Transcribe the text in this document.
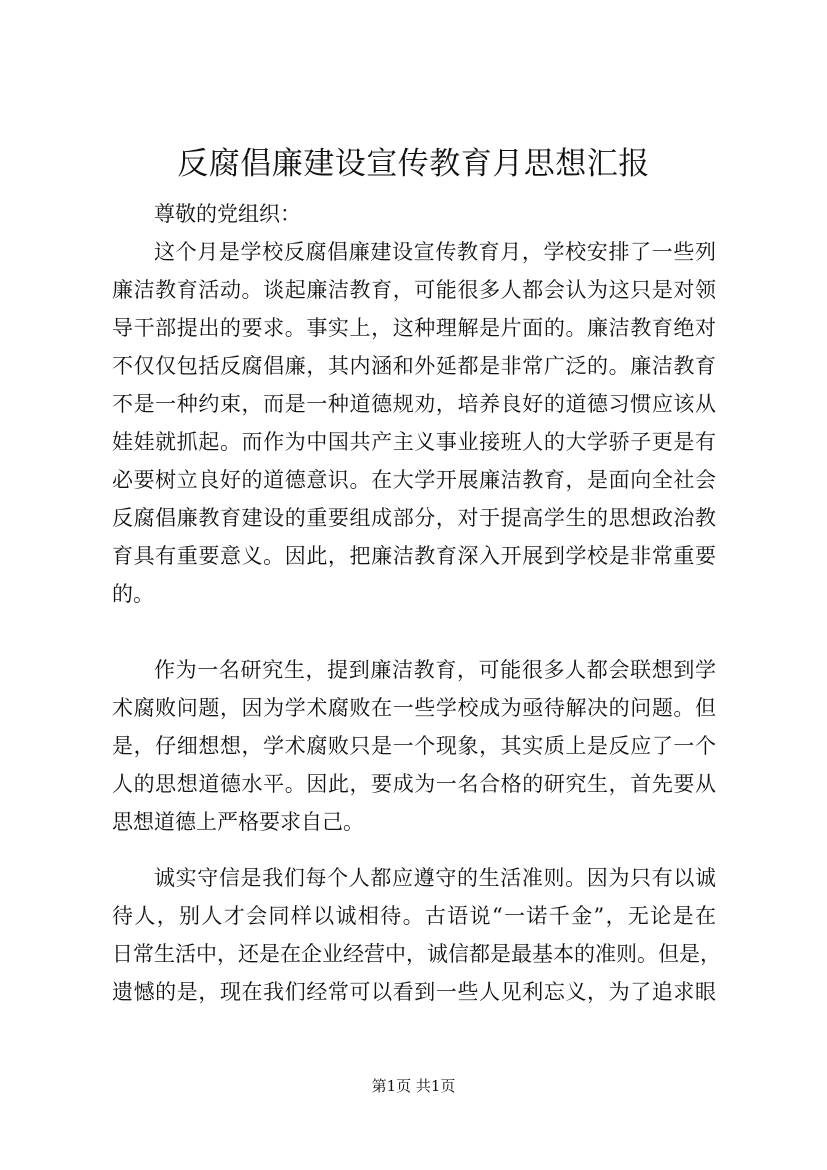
反腐倡廉建设宣传教育月思想汇报
尊敬的党组织：
这个月是学校反腐倡廉建设宣传教育月，学校安排了一些列
廉洁教育活动。谈起廉洁教育，可能很多人都会认为这只是对领
导干部提出的要求。事实上，这种理解是片面的。廉洁教育绝对
不仅仅包括反腐倡廉，其内涵和外延都是非常广泛的。廉洁教育
不是一种约束，而是一种道德规劝，培养良好的道德习惯应该从
娃娃就抓起。而作为中国共产主义事业接班人的大学骄子更是有
必要树立良好的道德意识。在大学开展廉洁教育，是面向全社会
反腐倡廉教育建设的重要组成部分，对于提高学生的思想政治教
育具有重要意义。因此，把廉洁教育深入开展到学校是非常重要
的。
作为一名研究生，提到廉洁教育，可能很多人都会联想到学
术腐败问题，因为学术腐败在一些学校成为亟待解决的问题。但
是，仔细想想，学术腐败只是一个现象，其实质上是反应了一个
人的思想道德水平。因此，要成为一名合格的研究生，首先要从
思想道德上严格要求自己。
诚实守信是我们每个人都应遵守的生活准则。因为只有以诚
待人，别人才会同样以诚相待。古语说“一诺千金”，无论是在
日常生活中，还是在企业经营中，诚信都是最基本的准则。但是，
遗憾的是，现在我们经常可以看到一些人见利忘义，为了追求眼
第1页 共1页
